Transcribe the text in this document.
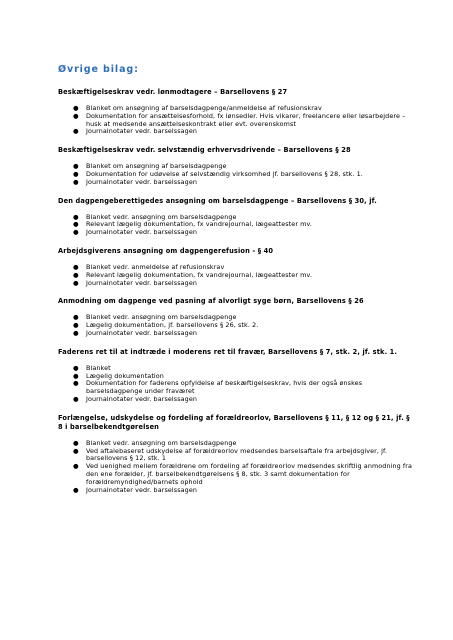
Øvrige bilag:
Beskæftigelseskrav vedr. lønmodtagere – Barsellovens § 27
● Blanket om ansøgning af barselsdagpenge/anmeldelse af refusionskrav
● Dokumentation for ansættelsesforhold, fx lønsedler. Hvis vikarer, freelancere eller løsarbejdere – husk at medsende ansættelseskontrakt eller evt. overenskomst
● Journalnotater vedr. barselssagen
Beskæftigelseskrav vedr. selvstændig erhvervsdrivende – Barsellovens § 28
● Blanket om ansøgning af barselsdagpenge
● Dokumentation for udøvelse af selvstændig virksomhed jf. barsellovens § 28, stk. 1.
● Journalnotater vedr. barselssagen
Den dagpengeberettigedes ansøgning om barselsdagpenge – Barsellovens § 30, jf.
● Blanket vedr. ansøgning om barselsdagpenge
● Relevant lægelig dokumentation, fx vandrejournal, lægeattester mv.
● Journalnotater vedr. barselssagen
Arbejdsgiverens ansøgning om dagpengerefusion - § 40
● Blanket vedr. anmeldelse af refusionskrav
● Relevant lægelig dokumentation, fx vandrejournal, lægeattester mv.
● Journalnotater vedr. barselssagen
Anmodning om dagpenge ved pasning af alvorligt syge børn, Barsellovens § 26
● Blanket vedr. ansøgning om barselsdagpenge
● Lægelig dokumentation, jf. barsellovens § 26, stk. 2.
● Journalnotater vedr. barselssagen
Faderens ret til at indtræde i moderens ret til fravær, Barsellovens § 7, stk. 2, jf. stk. 1.
● Blanket
● Lægelig dokumentation
● Dokumentation for faderens opfyldelse af beskæftigelseskrav, hvis der også ønskes barselsdagpenge under fraværet
● Journalnotater vedr. barselssagen
Forlængelse, udskydelse og fordeling af forældreorlov, Barsellovens § 11, § 12 og § 21, jf. § 8 i barselbekendtgørelsen
● Blanket vedr. ansøgning om barselsdagpenge
● Ved aftalebaseret udskydelse af forældreorlov medsendes barselsaftale fra arbejdsgiver, jf. barsellovens § 12, stk. 1
● Ved uenighed mellem forældrene om fordeling af forældreorlov medsendes skriftlig anmodning fra den ene forælder, jf. barselbekendtgørelsens § 8, stk. 3 samt dokumentation for forældremyndighed/barnets ophold
● Journalnotater vedr. barselssagen
